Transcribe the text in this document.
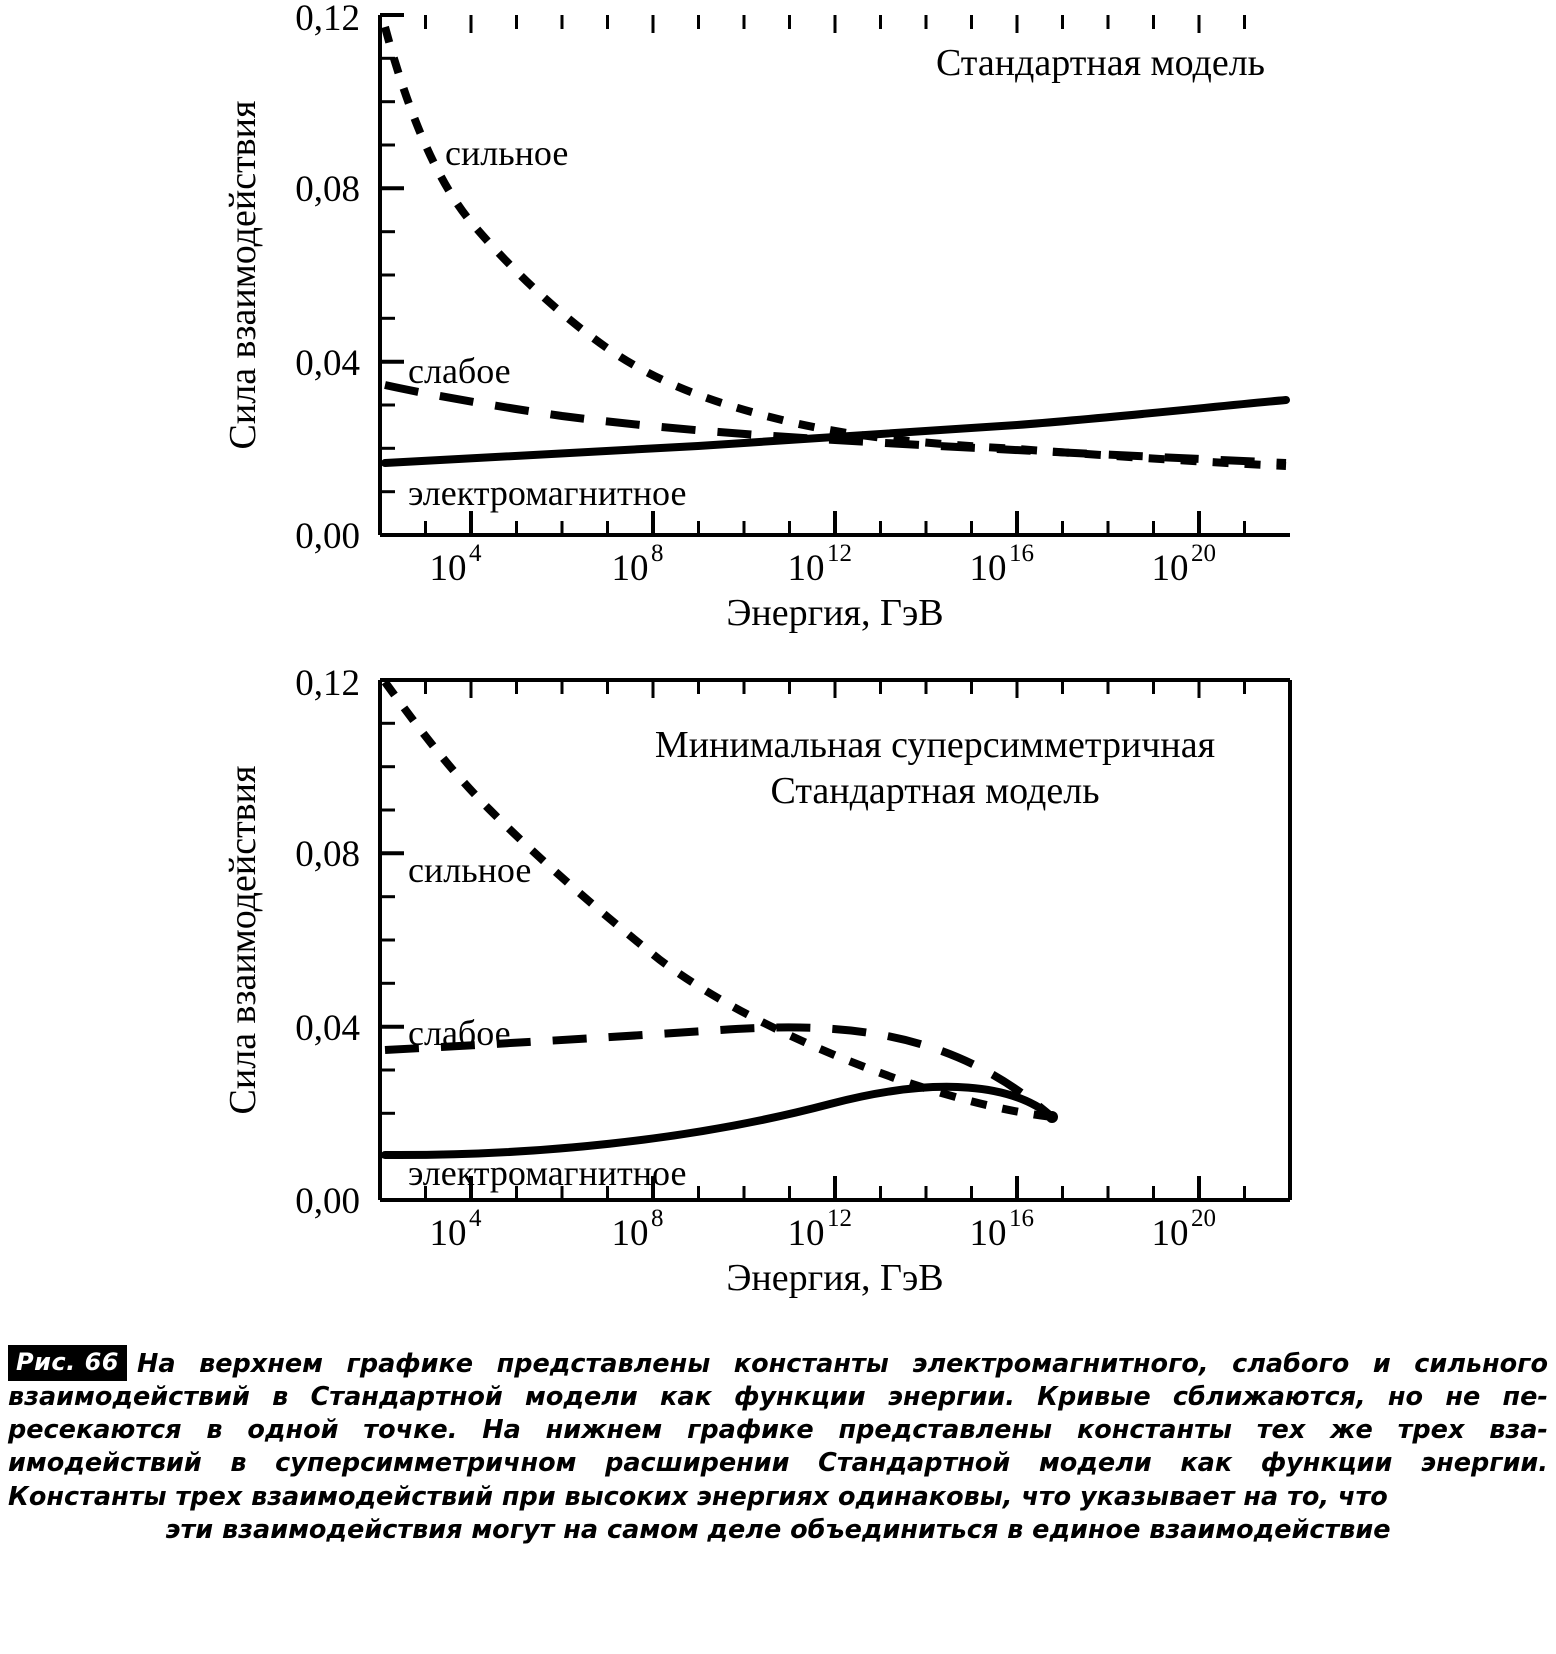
0,00
0,04
0,08
0,12
10 4	10 8	10 12	10 16	10 20
Энергия, ГэВ
Сила взаимодействия
Стандартная модель
сильное
слабое
электромагнитное
0,00
0,04
0,08
0,12
10 4	10 8	10 12	10 16	10 20
Энергия, ГэВ
Сила взаимодействия
Минимальная суперсимметричная
Стандартная модель
сильное
слабое
электромагнитное
Рис. 66 На верхнем графике представлены константы электромагнитного, слабого и сильного взаимодействий в Стандартной модели как функции энергии. Кривые сближаются, но не пе- ресекаются в одной точке. На нижнем графике представлены константы тех же трех вза- имодействий в суперсимметричном расширении Стандартной модели как функции энергии. Константы трех взаимодействий при высоких энергиях одинаковы, что указывает на то, что
эти взаимодействия могут на самом деле объединиться в единое взаимодействие
